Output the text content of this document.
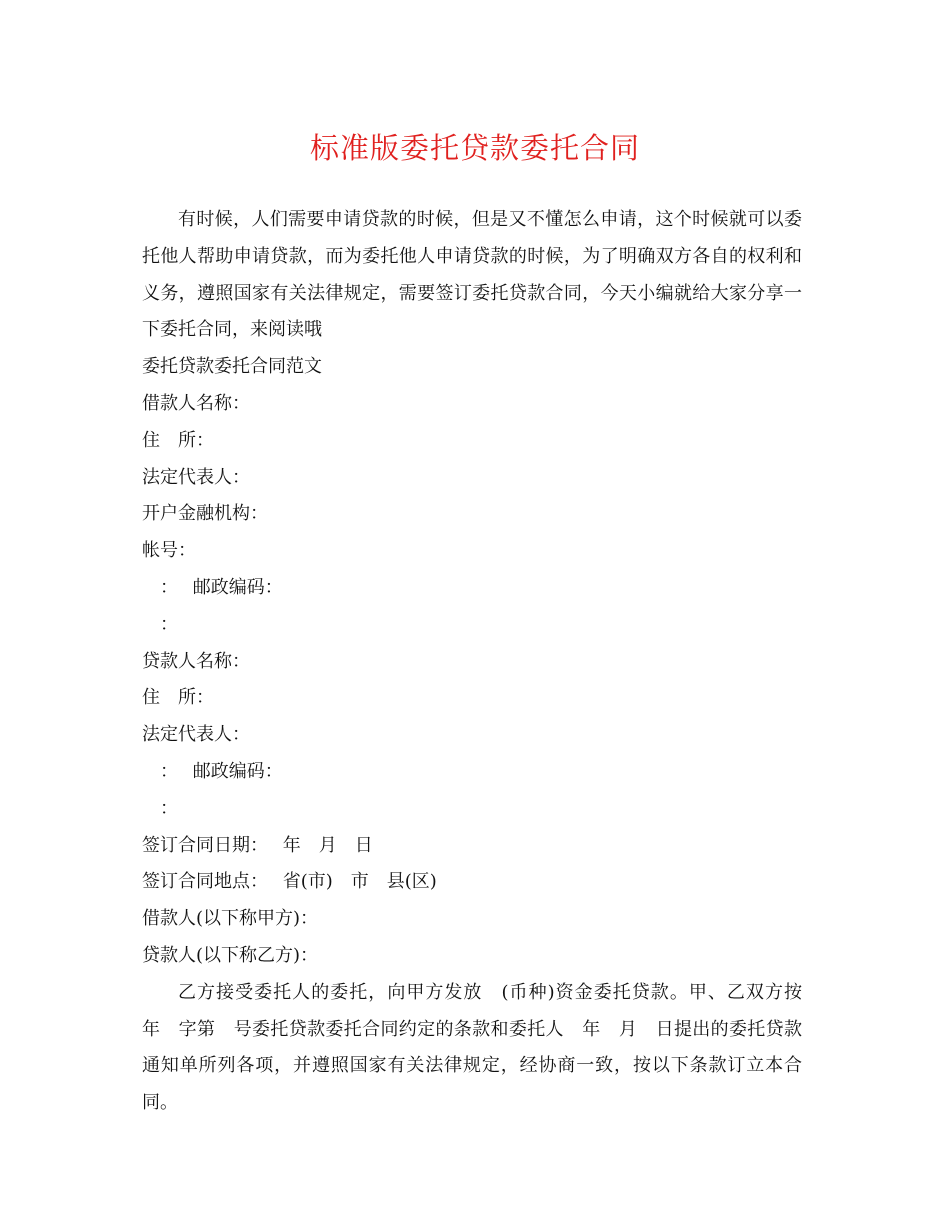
标准版委托贷款委托合同

有时候，人们需要申请贷款的时候，但是又不懂怎么申请，这个时候就可以委托他人帮助申请贷款，而为委托他人申请贷款的时候，为了明确双方各自的权利和义务，遵照国家有关法律规定，需要签订委托贷款合同，今天小编就给大家分享一下委托合同，来阅读哦

委托贷款委托合同范文

借款人名称：

住　所：

法定代表人：

开户金融机构：

帐号：

　：　 邮政编码：

　：

贷款人名称：

住　所：

法定代表人：

　：　 邮政编码：

　：

签订合同日期：　 年　月　日

签订合同地点：　 省(市)　市　县(区)

借款人(以下称甲方)：

贷款人(以下称乙方)：

乙方接受委托人的委托，向甲方发放　(币种)资金委托贷款。甲、乙双方按　年　字第　号委托贷款委托合同约定的条款和委托人　年　月　日提出的委托贷款通知单所列各项，并遵照国家有关法律规定，经协商一致，按以下条款订立本合同。
